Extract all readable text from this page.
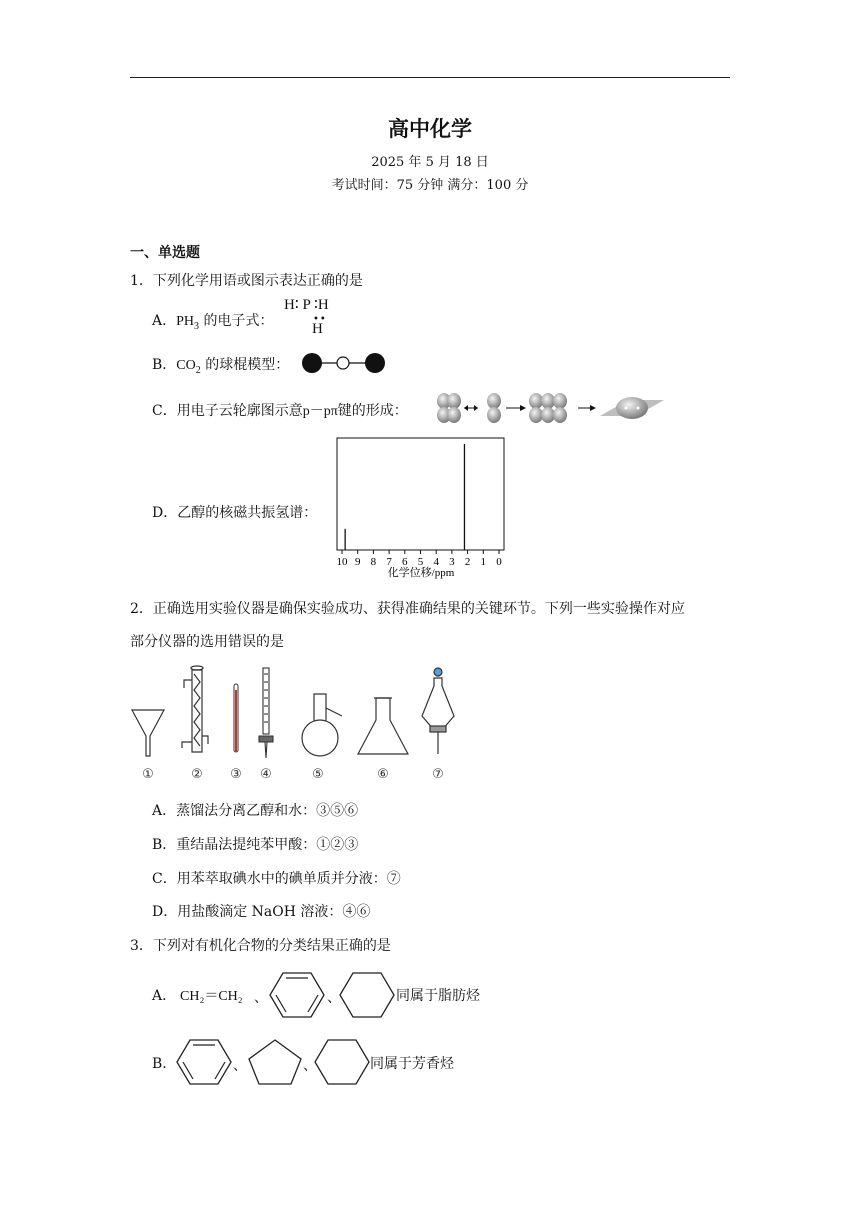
高中化学
2025 年 5 月 18 日
考试时间：75 分钟 满分：100 分
一、单选题
1．下列化学用语或图示表达正确的是
A．$PH_3$ 的电子式：
H∶ P ∶H
••
H
B．$CO_2$ 的球棍模型：
C．用电子云轮廓图示意p－pπ键的形成：
D．乙醇的核磁共振氢谱：
10 9 8 7 6 5 4 3 2 1 0
化学位移/ppm
2．正确选用实验仪器是确保实验成功、获得准确结果的关键环节。下列一些实验操作对应
部分仪器的选用错误的是
①	② ③ ④	⑤	⑥	⑦
A．蒸馏法分离乙醇和水：③⑤⑥
B．重结晶法提纯苯甲酸：①②③
C．用苯萃取碘水中的碘单质并分液：⑦
D．用盐酸滴定 NaOH 溶液：④⑥
3．下列对有机化合物的分类结果正确的是
A． CH₂＝CH₂ 、	、	同属于脂肪烃
B．	、	、	同属于芳香烃
